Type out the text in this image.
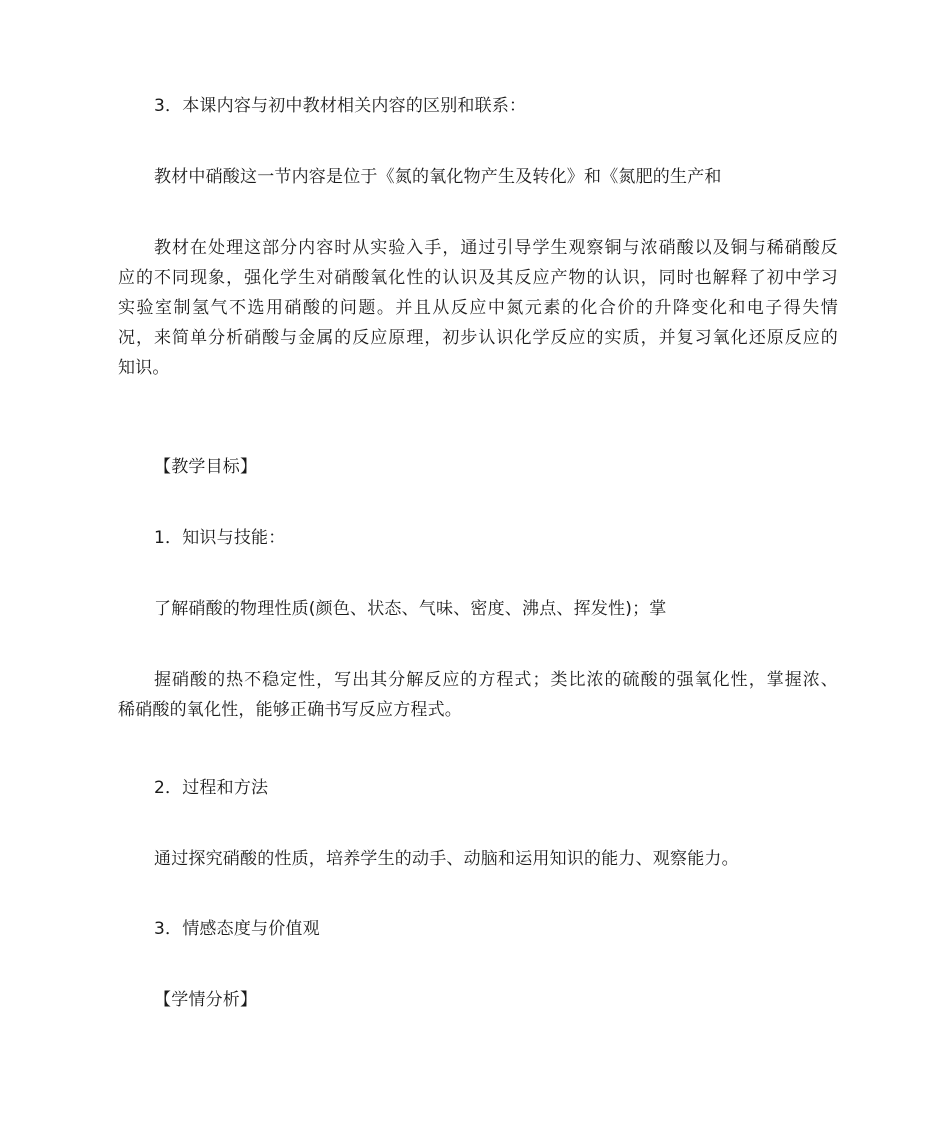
3．本课内容与初中教材相关内容的区别和联系：
教材中硝酸这一节内容是位于《氮的氧化物产生及转化》和《氮肥的生产和
教材在处理这部分内容时从实验入手，通过引导学生观察铜与浓硝酸以及铜与稀硝酸反
应的不同现象，强化学生对硝酸氧化性的认识及其反应产物的认识，同时也解释了初中学习
实验室制氢气不选用硝酸的问题。并且从反应中氮元素的化合价的升降变化和电子得失情
况，来简单分析硝酸与金属的反应原理，初步认识化学反应的实质，并复习氧化还原反应的
知识。
【教学目标】
1．知识与技能：
了解硝酸的物理性质(颜色、状态、气味、密度、沸点、挥发性)；掌
握硝酸的热不稳定性，写出其分解反应的方程式；类比浓的硫酸的强氧化性，掌握浓、
稀硝酸的氧化性，能够正确书写反应方程式。
2．过程和方法
通过探究硝酸的性质，培养学生的动手、动脑和运用知识的能力、观察能力。
3．情感态度与价值观
【学情分析】
